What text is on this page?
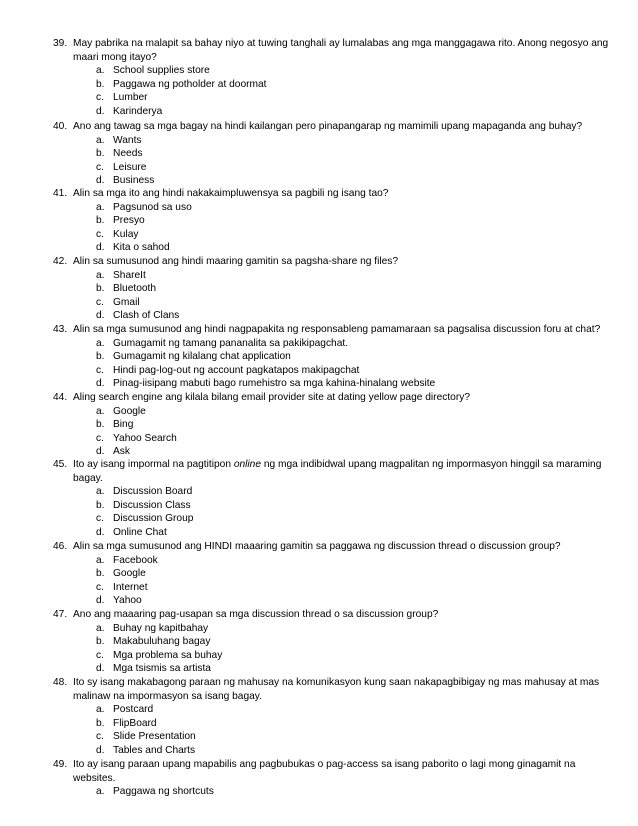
39. May pabrika na malapit sa bahay niyo at tuwing tanghali ay lumalabas ang mga manggagawa rito. Anong negosyo ang maari mong itayo?
a. School supplies store
b. Paggawa ng potholder at doormat
c. Lumber
d. Karinderya
40. Ano ang tawag sa mga bagay na hindi kailangan pero pinapangarap ng mamimili upang mapaganda ang buhay?
a. Wants
b. Needs
c. Leisure
d. Business
41. Alin sa mga ito ang hindi nakakaimpluwensya sa pagbili ng isang tao?
a. Pagsunod sa uso
b. Presyo
c. Kulay
d. Kita o sahod
42. Alin sa sumusunod ang hindi maaring gamitin sa pagsha-share ng files?
a. ShareIt
b. Bluetooth
c. Gmail
d. Clash of Clans
43. Alin sa mga sumusunod ang hindi nagpapakita ng responsableng pamamaraan sa pagsalisa discussion foru at chat?
a. Gumagamit ng tamang pananalita sa pakikipagchat.
b. Gumagamit ng kilalang chat application
c. Hindi pag-log-out ng account pagkatapos makipagchat
d. Pinag-iisipang mabuti bago rumehistro sa mga kahina-hinalang website
44. Aling search engine ang kilala bilang email provider site at dating yellow page directory?
a. Google
b. Bing
c. Yahoo Search
d. Ask
45. Ito ay isang impormal na pagtitipon online ng mga indibidwal upang magpalitan ng impormasyon hinggil sa maraming bagay.
a. Discussion Board
b. Discussion Class
c. Discussion Group
d. Online Chat
46. Alin sa mga sumusunod ang HINDI maaaring gamitin sa paggawa ng discussion thread o discussion group?
a. Facebook
b. Google
c. Internet
d. Yahoo
47. Ano ang maaaring pag-usapan sa mga discussion thread o sa discussion group?
a. Buhay ng kapitbahay
b. Makabuluhang bagay
c. Mga problema sa buhay
d. Mga tsismis sa artista
48. Ito sy isang makabagong paraan ng mahusay na komunikasyon kung saan nakapagbibigay ng mas mahusay at mas malinaw na impormasyon sa isang bagay.
a. Postcard
b. FlipBoard
c. Slide Presentation
d. Tables and Charts
49. Ito ay isang paraan upang mapabilis ang pagbubukas o pag-access sa isang paborito o lagi mong ginagamit na websites.
a. Paggawa ng shortcuts
